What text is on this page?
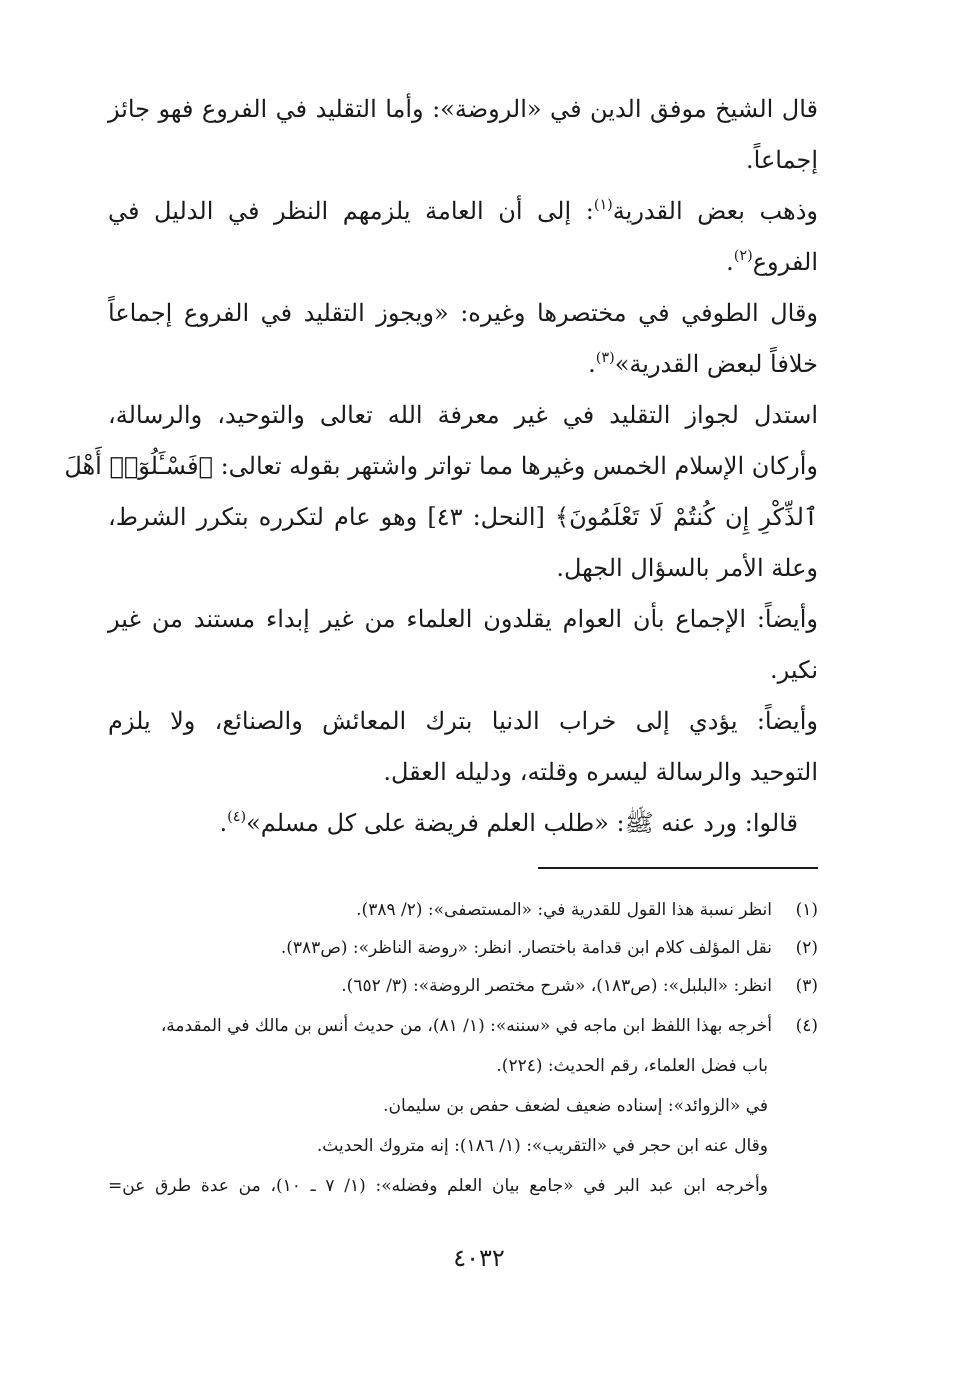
قال الشيخ موفق الدين في «الروضة»: وأما التقليد في الفروع فهو جائز

إجماعاً.

وذهب بعض القدرية$^{(١)}$: إلى أن العامة يلزمهم النظر في الدليل في

الفروع$^{(٢)}$.

وقال الطوفي في مختصرها وغيره: «ويجوز التقليد في الفروع إجماعاً

خلافاً لبعض القدرية»$^{(٣)}$.

استدل لجواز التقليد في غير معرفة الله تعالى والتوحيد، والرسالة،

وأركان الإسلام الخمس وغيرها مما تواتر واشتهر بقوله تعالى: ﴿فَسْـَٔلُوٓا۟ أَهْلَ

ٱلذِّكْرِ إِن كُنتُمْ لَا تَعْلَمُونَ﴾ [النحل: ٤٣] وهو عام لتكرره بتكرر الشرط،

وعلة الأمر بالسؤال الجهل.

وأيضاً: الإجماع بأن العوام يقلدون العلماء من غير إبداء مستند من غير

نكير.

وأيضاً: يؤدي إلى خراب الدنيا بترك المعائش والصنائع، ولا يلزم

التوحيد والرسالة ليسره وقلته، ودليله العقل.

قالوا: ورد عنه ﷺ: «طلب العلم فريضة على كل مسلم»$^{(٤)}$.

(١)انظر نسبة هذا القول للقدرية في: «المستصفى»: (٢/ ٣٨٩).

(٢)نقل المؤلف كلام ابن قدامة باختصار. انظر: «روضة الناظر»: (ص٣٨٣).

(٣)انظر: «البلبل»: (ص١٨٣)، «شرح مختصر الروضة»: (٣/ ٦٥٢).

(٤)أخرجه بهذا اللفظ ابن ماجه في «سننه»: (١/ ٨١)، من حديث أنس بن مالك في المقدمة،

باب فضل العلماء، رقم الحديث: (٢٢٤).

في «الزوائد»: إسناده ضعيف لضعف حفص بن سليمان.

وقال عنه ابن حجر في «التقريب»: (١/ ١٨٦): إنه متروك الحديث.

وأخرجه ابن عبد البر في «جامع بيان العلم وفضله»: (١/ ٧ ـ ١٠)، من عدة طرق عن=

٤٠٣٢
